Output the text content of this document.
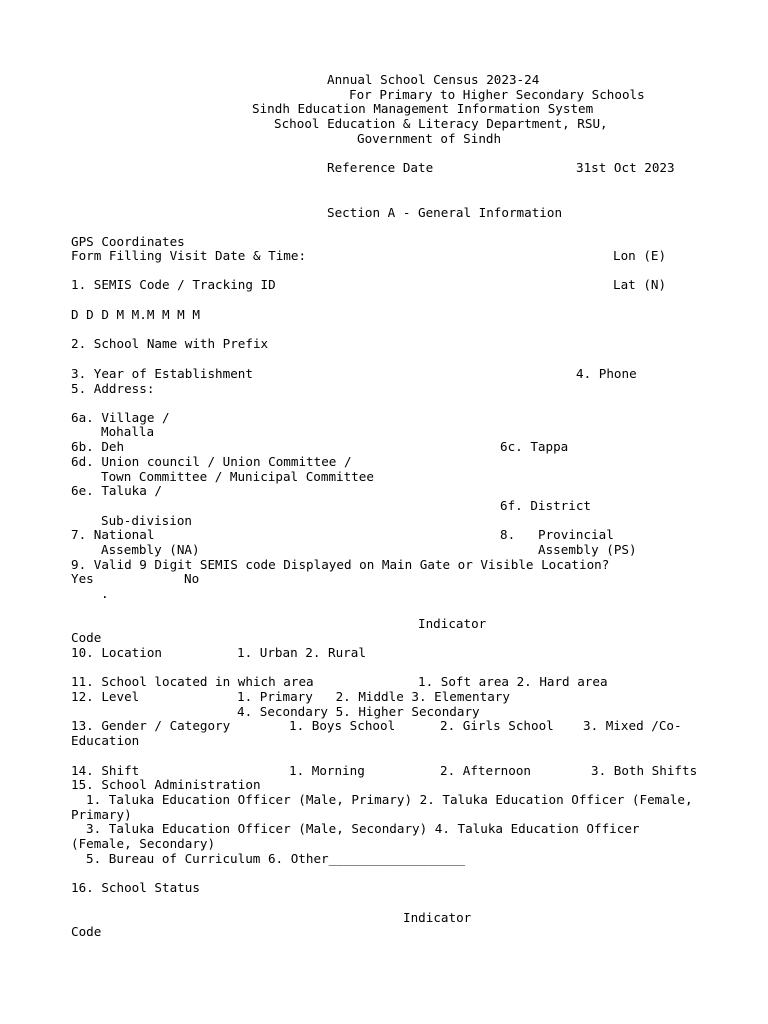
Annual School Census 2023-24
For Primary to Higher Secondary Schools
Sindh Education Management Information System
School Education & Literacy Department, RSU,
Government of Sindh
Reference Date	31st Oct 2023
Section A - General Information
GPS Coordinates
Form Filling Visit Date & Time:	Lon (E)
1. SEMIS Code / Tracking ID	Lat (N)
D D D M M.M M M M
2. School Name with Prefix
3. Year of Establishment	4. Phone
5. Address:
6a. Village /
Mohalla
6b. Deh	6c. Tappa
6d. Union council / Union Committee /
Town Committee / Municipal Committee
6e. Taluka /
6f. District
Sub-division
7. National	8. Provincial
Assembly (NA)	Assembly (PS)
9. Valid 9 Digit SEMIS code Displayed on Main Gate or Visible Location?
Yes	No
.
Indicator
Code
10. Location	1. Urban 2. Rural
11. School located in which area	1. Soft area 2. Hard area
12. Level	1. Primary   2. Middle 3. Elementary
4. Secondary 5. Higher Secondary
13. Gender / Category	1. Boys School	2. Girls School 3. Mixed /Co-
Education
14. Shift	1. Morning	2. Afternoon	3. Both Shifts
15. School Administration
1. Taluka Education Officer (Male, Primary) 2. Taluka Education Officer (Female,
Primary)
3. Taluka Education Officer (Male, Secondary) 4. Taluka Education Officer
(Female, Secondary)
5. Bureau of Curriculum 6. Other__________________
16. School Status
Indicator
Code
